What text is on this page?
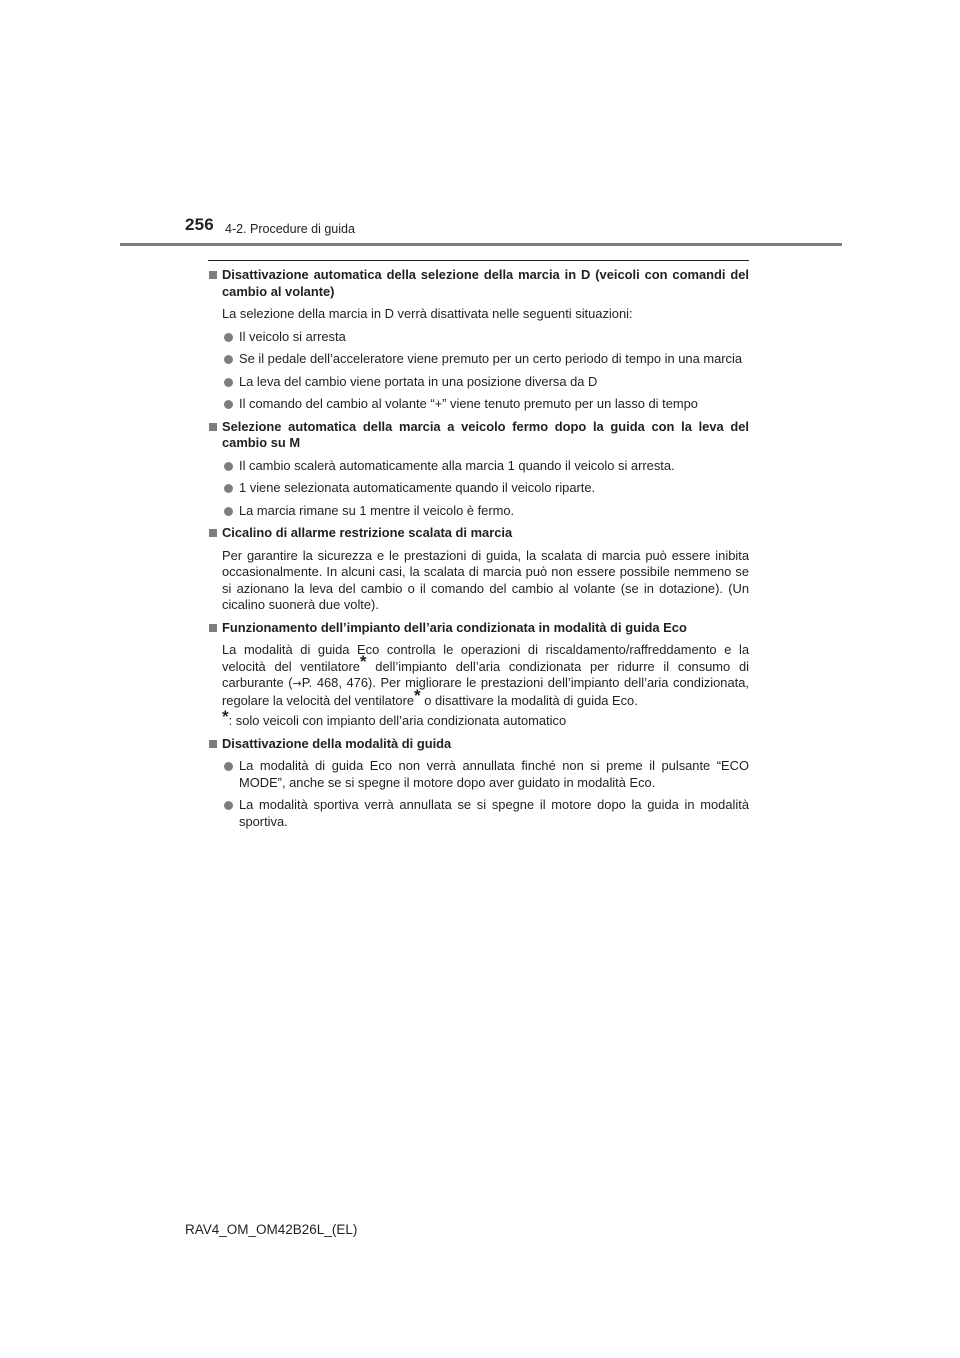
256 4-2. Procedure di guida
Disattivazione automatica della selezione della marcia in D (veicoli con comandi del cambio al volante)
La selezione della marcia in D verrà disattivata nelle seguenti situazioni:
Il veicolo si arresta
Se il pedale dell’acceleratore viene premuto per un certo periodo di tempo in una marcia
La leva del cambio viene portata in una posizione diversa da D
Il comando del cambio al volante “+” viene tenuto premuto per un lasso di tempo
Selezione automatica della marcia a veicolo fermo dopo la guida con la leva del cambio su M
Il cambio scalerà automaticamente alla marcia 1 quando il veicolo si arresta.
1 viene selezionata automaticamente quando il veicolo riparte.
La marcia rimane su 1 mentre il veicolo è fermo.
Cicalino di allarme restrizione scalata di marcia
Per garantire la sicurezza e le prestazioni di guida, la scalata di marcia può essere inibita occasionalmente. In alcuni casi, la scalata di marcia può non essere possibile nemmeno se si azionano la leva del cambio o il comando del cambio al volante (se in dotazione). (Un cicalino suonerà due volte).
Funzionamento dell’impianto dell’aria condizionata in modalità di guida Eco
La modalità di guida Eco controlla le operazioni di riscaldamento/raffreddamento e la velocità del ventilatore* dell’impianto dell’aria condizionata per ridurre il consumo di carburante (→P. 468, 476). Per migliorare le prestazioni dell’impianto dell’aria condizionata, regolare la velocità del ventilatore* o disattivare la modalità di guida Eco.
*: solo veicoli con impianto dell’aria condizionata automatico
Disattivazione della modalità di guida
La modalità di guida Eco non verrà annullata finché non si preme il pulsante “ECO MODE”, anche se si spegne il motore dopo aver guidato in modalità Eco.
La modalità sportiva verrà annullata se si spegne il motore dopo la guida in modalità sportiva.
RAV4_OM_OM42B26L_(EL)
